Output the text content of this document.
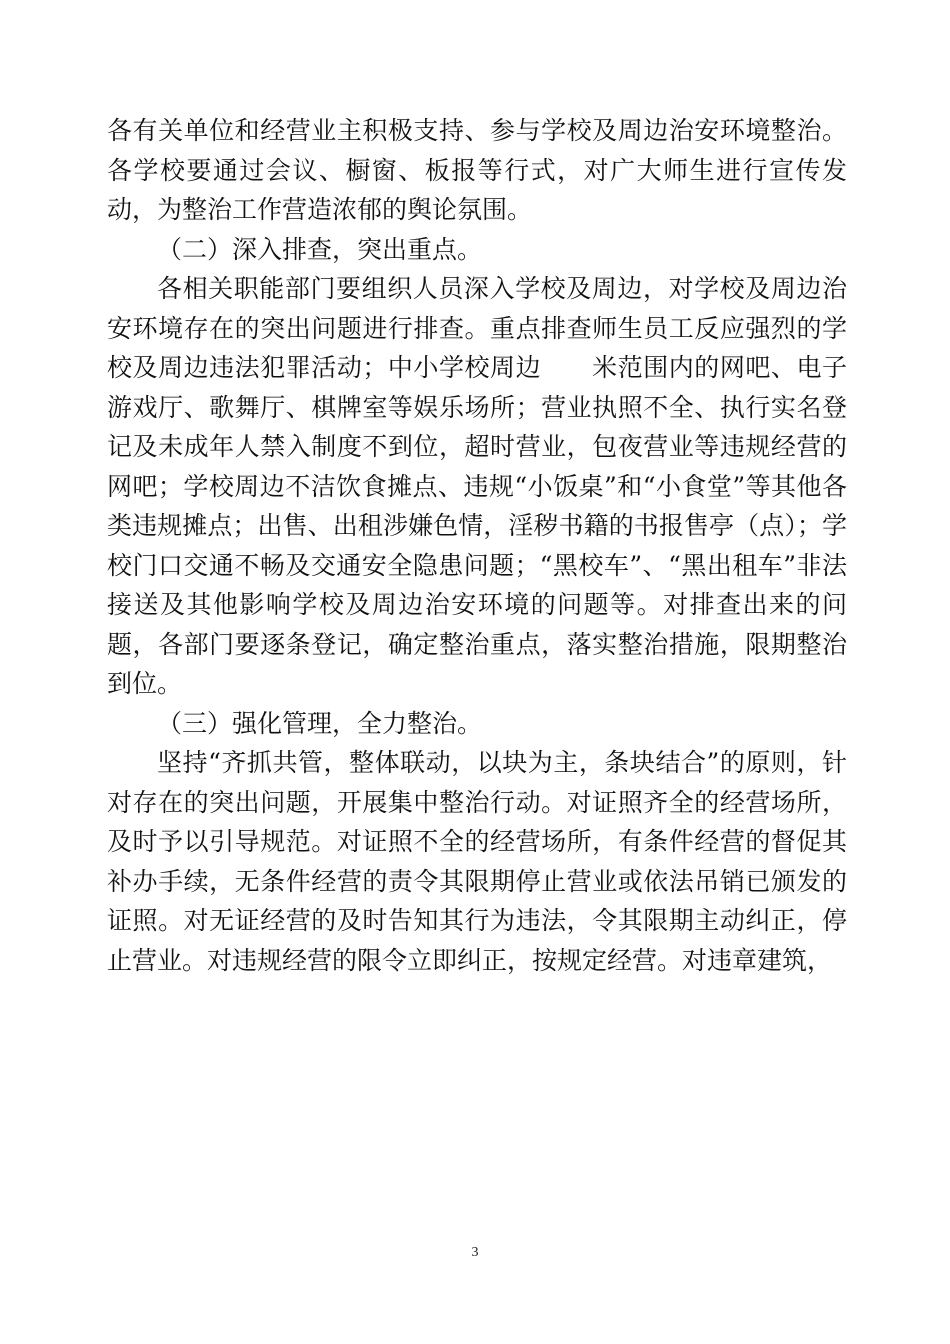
各有关单位和经营业主积极支持、参与学校及周边治安环境整治。各学校要通过会议、橱窗、板报等行式，对广大师生进行宣传发动，为整治工作营造浓郁的舆论氛围。

（二）深入排查，突出重点。

各相关职能部门要组织人员深入学校及周边，对学校及周边治安环境存在的突出问题进行排查。重点排查师生员工反应强烈的学校及周边违法犯罪活动；中小学校周边　　米范围内的网吧、电子游戏厅、歌舞厅、棋牌室等娱乐场所；营业执照不全、执行实名登记及未成年人禁入制度不到位，超时营业，包夜营业等违规经营的网吧；学校周边不洁饮食摊点、违规“小饭桌”和“小食堂”等其他各类违规摊点；出售、出租涉嫌色情，淫秽书籍的书报售亭（点）；学校门口交通不畅及交通安全隐患问题；“黑校车”、“黑出租车”非法接送及其他影响学校及周边治安环境的问题等。对排查出来的问题，各部门要逐条登记，确定整治重点，落实整治措施，限期整治到位。

（三）强化管理，全力整治。

坚持“齐抓共管，整体联动，以块为主，条块结合”的原则，针对存在的突出问题，开展集中整治行动。对证照齐全的经营场所，及时予以引导规范。对证照不全的经营场所，有条件经营的督促其补办手续，无条件经营的责令其限期停止营业或依法吊销已颁发的证照。对无证经营的及时告知其行为违法，令其限期主动纠正，停止营业。对违规经营的限令立即纠正，按规定经营。对违章建筑，

3
